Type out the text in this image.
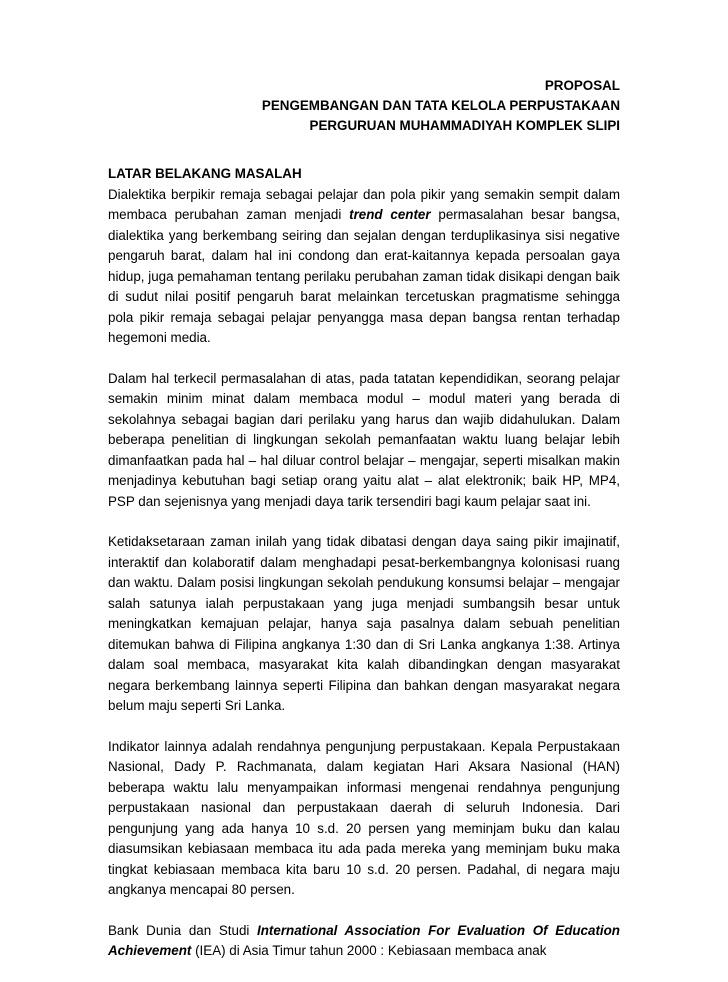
PROPOSAL
PENGEMBANGAN DAN TATA KELOLA PERPUSTAKAAN
PERGURUAN MUHAMMADIYAH KOMPLEK SLIPI
LATAR BELAKANG MASALAH

Dialektika berpikir remaja sebagai pelajar dan pola pikir yang semakin sempit dalam membaca perubahan zaman menjadi trend center permasalahan besar bangsa, dialektika yang berkembang seiring dan sejalan dengan terduplikasinya sisi negative pengaruh barat, dalam hal ini condong dan erat-kaitannya kepada persoalan gaya hidup, juga pemahaman tentang perilaku perubahan zaman tidak disikapi dengan baik di sudut nilai positif pengaruh barat melainkan tercetuskan pragmatisme sehingga pola pikir remaja sebagai pelajar penyangga masa depan bangsa rentan terhadap hegemoni media.

Dalam hal terkecil permasalahan di atas, pada tatatan kependidikan, seorang pelajar semakin minim minat dalam membaca modul – modul materi yang berada di sekolahnya sebagai bagian dari perilaku yang harus dan wajib didahulukan. Dalam beberapa penelitian di lingkungan sekolah pemanfaatan waktu luang belajar lebih dimanfaatkan pada hal – hal diluar control belajar – mengajar, seperti misalkan makin menjadinya kebutuhan bagi setiap orang yaitu alat – alat elektronik; baik HP, MP4, PSP dan sejenisnya yang menjadi daya tarik tersendiri bagi kaum pelajar saat ini.

Ketidaksetaraan zaman inilah yang tidak dibatasi dengan daya saing pikir imajinatif, interaktif dan kolaboratif dalam menghadapi pesat-berkembangnya kolonisasi ruang dan waktu. Dalam posisi lingkungan sekolah pendukung konsumsi belajar – mengajar salah satunya ialah perpustakaan yang juga menjadi sumbangsih besar untuk meningkatkan kemajuan pelajar, hanya saja pasalnya dalam sebuah penelitian ditemukan bahwa di Filipina angkanya 1:30 dan di Sri Lanka angkanya 1:38. Artinya dalam soal membaca, masyarakat kita kalah dibandingkan dengan masyarakat negara berkembang lainnya seperti Filipina dan bahkan dengan masyarakat negara belum maju seperti Sri Lanka.

Indikator lainnya adalah rendahnya pengunjung perpustakaan. Kepala Perpustakaan Nasional, Dady P. Rachmanata, dalam kegiatan Hari Aksara Nasional (HAN) beberapa waktu lalu menyampaikan informasi mengenai rendahnya pengunjung perpustakaan nasional dan perpustakaan daerah di seluruh Indonesia. Dari pengunjung yang ada hanya 10 s.d. 20 persen yang meminjam buku dan kalau diasumsikan kebiasaan membaca itu ada pada mereka yang meminjam buku maka tingkat kebiasaan membaca kita baru 10 s.d. 20 persen. Padahal, di negara maju angkanya mencapai 80 persen.

Bank Dunia dan Studi International Association For Evaluation Of Education Achievement (IEA) di Asia Timur tahun 2000 : Kebiasaan membaca anak
